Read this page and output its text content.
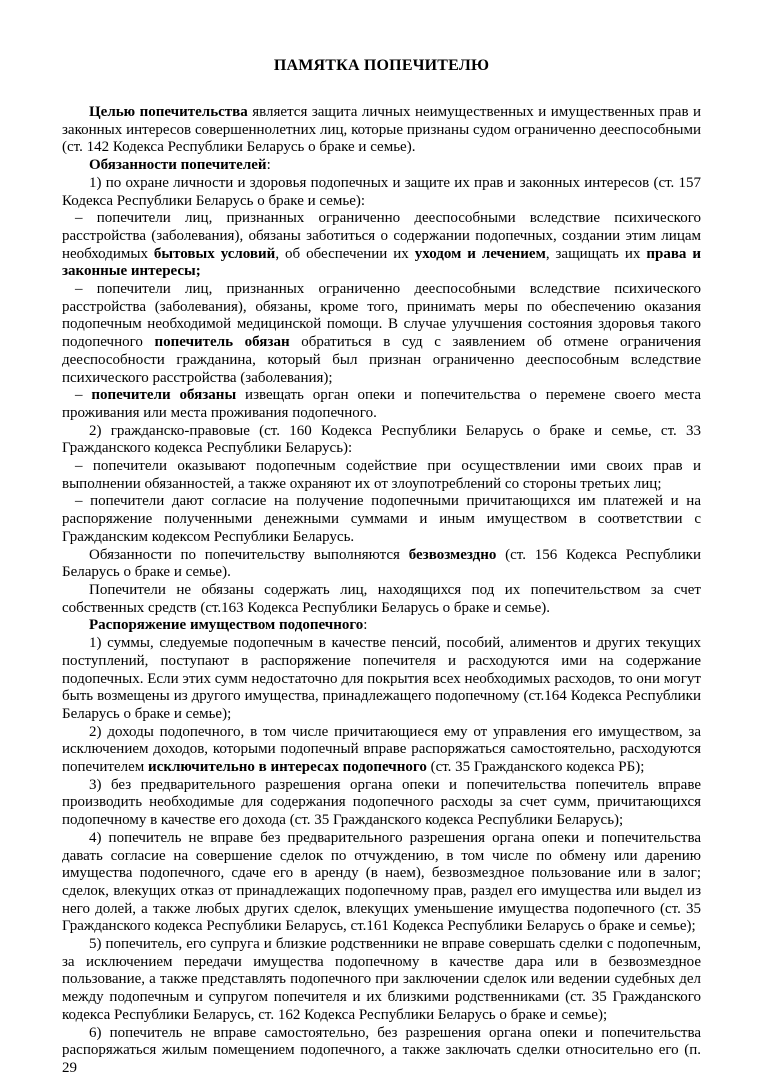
ПАМЯТКА ПОПЕЧИТЕЛЮ

Целью попечительства является защита личных неимущественных и имущественных прав и законных интересов совершеннолетних лиц, которые признаны судом ограниченно дееспособными (ст. 142 Кодекса Республики Беларусь о браке и семье).

Обязанности попечителей:

1) по охране личности и здоровья подопечных и защите их прав и законных интересов (ст. 157 Кодекса Республики Беларусь о браке и семье):

– попечители лиц, признанных ограниченно дееспособными вследствие психического расстройства (заболевания), обязаны заботиться о содержании подопечных, создании этим лицам необходимых бытовых условий, об обеспечении их уходом и лечением, защищать их права и законные интересы;

– попечители лиц, признанных ограниченно дееспособными вследствие психического расстройства (заболевания), обязаны, кроме того, принимать меры по обеспечению оказания подопечным необходимой медицинской помощи. В случае улучшения состояния здоровья такого подопечного попечитель обязан обратиться в суд с заявлением об отмене ограничения дееспособности гражданина, который был признан ограниченно дееспособным вследствие психического расстройства (заболевания);

– попечители обязаны извещать орган опеки и попечительства о перемене своего места проживания или места проживания подопечного.

2) гражданско-правовые (ст. 160 Кодекса Республики Беларусь о браке и семье, ст. 33 Гражданского кодекса Республики Беларусь):

– попечители оказывают подопечным содействие при осуществлении ими своих прав и выполнении обязанностей, а также охраняют их от злоупотреблений со стороны третьих лиц;

– попечители дают согласие на получение подопечными причитающихся им платежей и на распоряжение полученными денежными суммами и иным имуществом в соответствии с Гражданским кодексом Республики Беларусь.

Обязанности по попечительству выполняются безвозмездно (ст. 156 Кодекса Республики Беларусь о браке и семье).

Попечители не обязаны содержать лиц, находящихся под их попечительством за счет собственных средств (ст.163 Кодекса Республики Беларусь о браке и семье).

Распоряжение имуществом подопечного:

1) суммы, следуемые подопечным в качестве пенсий, пособий, алиментов и других текущих поступлений, поступают в распоряжение попечителя и расходуются ими на содержание подопечных. Если этих сумм недостаточно для покрытия всех необходимых расходов, то они могут быть возмещены из другого имущества, принадлежащего подопечному (ст.164 Кодекса Республики Беларусь о браке и семье);

2) доходы подопечного, в том числе причитающиеся ему от управления его имуществом, за исключением доходов, которыми подопечный вправе распоряжаться самостоятельно, расходуются попечителем исключительно в интересах подопечного (ст. 35 Гражданского кодекса РБ);

3) без предварительного разрешения органа опеки и попечительства попечитель вправе производить необходимые для содержания подопечного расходы за счет сумм, причитающихся подопечному в качестве его дохода (ст. 35 Гражданского кодекса Республики Беларусь);

4) попечитель не вправе без предварительного разрешения органа опеки и попечительства давать согласие на совершение сделок по отчуждению, в том числе по обмену или дарению имущества подопечного, сдаче его в аренду (в наем), безвозмездное пользование или в залог; сделок, влекущих отказ от принадлежащих подопечному прав, раздел его имущества или выдел из него долей, а также любых других сделок, влекущих уменьшение имущества подопечного (ст. 35 Гражданского кодекса Республики Беларусь, ст.161 Кодекса Республики Беларусь о браке и семье);

5) попечитель, его супруга и близкие родственники не вправе совершать сделки с подопечным, за исключением передачи имущества подопечному в качестве дара или в безвозмездное пользование, а также представлять подопечного при заключении сделок или ведении судебных дел между подопечным и супругом попечителя и их близкими родственниками (ст. 35 Гражданского кодекса Республики Беларусь, ст. 162 Кодекса Республики Беларусь о браке и семье);

6) попечитель не вправе самостоятельно, без разрешения органа опеки и попечительства распоряжаться жилым помещением подопечного, а также заключать сделки относительно его (п. 29
